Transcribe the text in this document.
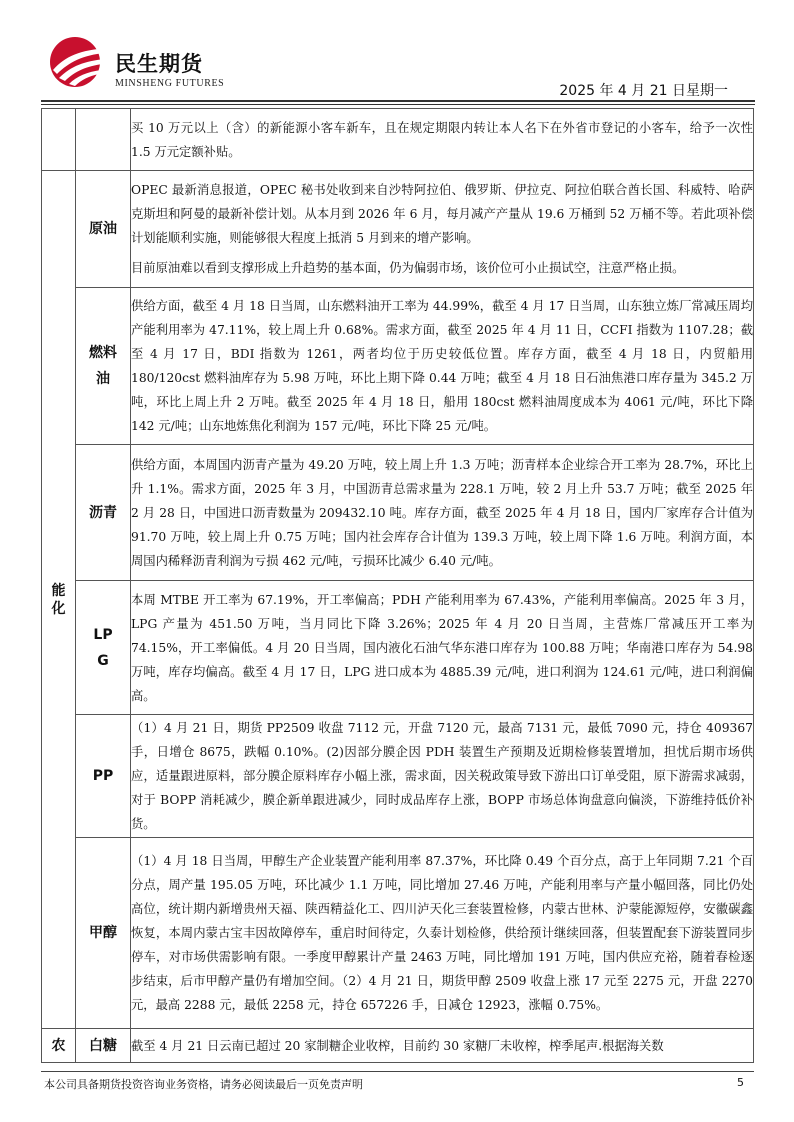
民生期货
MINSHENG FUTURES	2025 年 4 月 21 日星期一

		买 10 万元以上（含）的新能源小客车新车，且在规定期限内转让本人名下在外省市登记的小客车，给予一次性 1.5 万元定额补贴。

能化	原油	OPEC 最新消息报道，OPEC 秘书处收到来自沙特阿拉伯、俄罗斯、伊拉克、阿拉伯联合酋长国、科威特、哈萨克斯坦和阿曼的最新补偿计划。从本月到 2026 年 6 月，每月减产产量从 19.6 万桶到 52 万桶不等。若此项补偿计划能顺利实施，则能够很大程度上抵消 5 月到来的增产影响。

目前原油难以看到支撑形成上升趋势的基本面，仍为偏弱市场，该价位可小止损试空，注意严格止损。

	燃料油	供给方面，截至 4 月 18 日当周，山东燃料油开工率为 44.99%，截至 4 月 17 日当周，山东独立炼厂常减压周均产能利用率为 47.11%，较上周上升 0.68%。需求方面，截至 2025 年 4 月 11 日，CCFI 指数为 1107.28；截至 4 月 17 日，BDI 指数为 1261，两者均位于历史较低位置。库存方面，截至 4 月 18 日，内贸船用 180/120cst 燃料油库存为 5.98 万吨，环比上期下降 0.44 万吨；截至 4 月 18 日石油焦港口库存量为 345.2 万吨，环比上周上升 2 万吨。截至 2025 年 4 月 18 日，船用 180cst 燃料油周度成本为 4061 元/吨，环比下降 142 元/吨；山东地炼焦化利润为 157 元/吨，环比下降 25 元/吨。

	沥青	供给方面，本周国内沥青产量为 49.20 万吨，较上周上升 1.3 万吨；沥青样本企业综合开工率为 28.7%，环比上升 1.1%。需求方面，2025 年 3 月，中国沥青总需求量为 228.1 万吨，较 2 月上升 53.7 万吨；截至 2025 年 2 月 28 日，中国进口沥青数量为 209432.10 吨。库存方面，截至 2025 年 4 月 18 日，国内厂家库存合计值为 91.70 万吨，较上周上升 0.75 万吨；国内社会库存合计值为 139.3 万吨，较上周下降 1.6 万吨。利润方面，本周国内稀释沥青利润为亏损 462 元/吨，亏损环比减少 6.40 元/吨。

	LPG	本周 MTBE 开工率为 67.19%，开工率偏高；PDH 产能利用率为 67.43%，产能利用率偏高。2025 年 3 月，LPG 产量为 451.50 万吨，当月同比下降 3.26%；2025 年 4 月 20 日当周，主营炼厂常减压开工率为 74.15%，开工率偏低。4 月 20 日当周，国内液化石油气华东港口库存为 100.88 万吨；华南港口库存为 54.98 万吨，库存均偏高。截至 4 月 17 日，LPG 进口成本为 4885.39 元/吨，进口利润为 124.61 元/吨，进口利润偏高。

	PP	（1）4 月 21 日，期货 PP2509 收盘 7112 元，开盘 7120 元，最高 7131 元，最低 7090 元，持仓 409367 手，日增仓 8675，跌幅 0.10%。(2)因部分膜企因 PDH 装置生产预期及近期检修装置增加，担忧后期市场供应，适量跟进原料，部分膜企原料库存小幅上涨，需求面，因关税政策导致下游出口订单受阻，原下游需求减弱，对于 BOPP 消耗减少，膜企新单跟进减少，同时成品库存上涨，BOPP 市场总体询盘意向偏淡，下游维持低价补货。

	甲醇	（1）4 月 18 日当周，甲醇生产企业装置产能利用率 87.37%，环比降 0.49 个百分点，高于上年同期 7.21 个百分点，周产量 195.05 万吨，环比减少 1.1 万吨，同比增加 27.46 万吨，产能利用率与产量小幅回落，同比仍处高位，统计期内新增贵州天福、陕西精益化工、四川泸天化三套装置检修，内蒙古世林、沪蒙能源短停，安徽碳鑫恢复，本周内蒙古宝丰因故障停车，重启时间待定，久泰计划检修，供给预计继续回落，但装置配套下游装置同步停车，对市场供需影响有限。一季度甲醇累计产量 2463 万吨，同比增加 191 万吨，国内供应充裕，随着春检逐步结束，后市甲醇产量仍有增加空间。（2）4 月 21 日，期货甲醇 2509 收盘上涨 17 元至 2275 元，开盘 2270 元，最高 2288 元，最低 2258 元，持仓 657226 手，日减仓 12923，涨幅 0.75%。

农	白糖	截至 4 月 21 日云南已超过 20 家制糖企业收榨，目前约 30 家糖厂未收榨，榨季尾声.根据海关数

本公司具备期货投资咨询业务资格，请务必阅读最后一页免责声明	5
